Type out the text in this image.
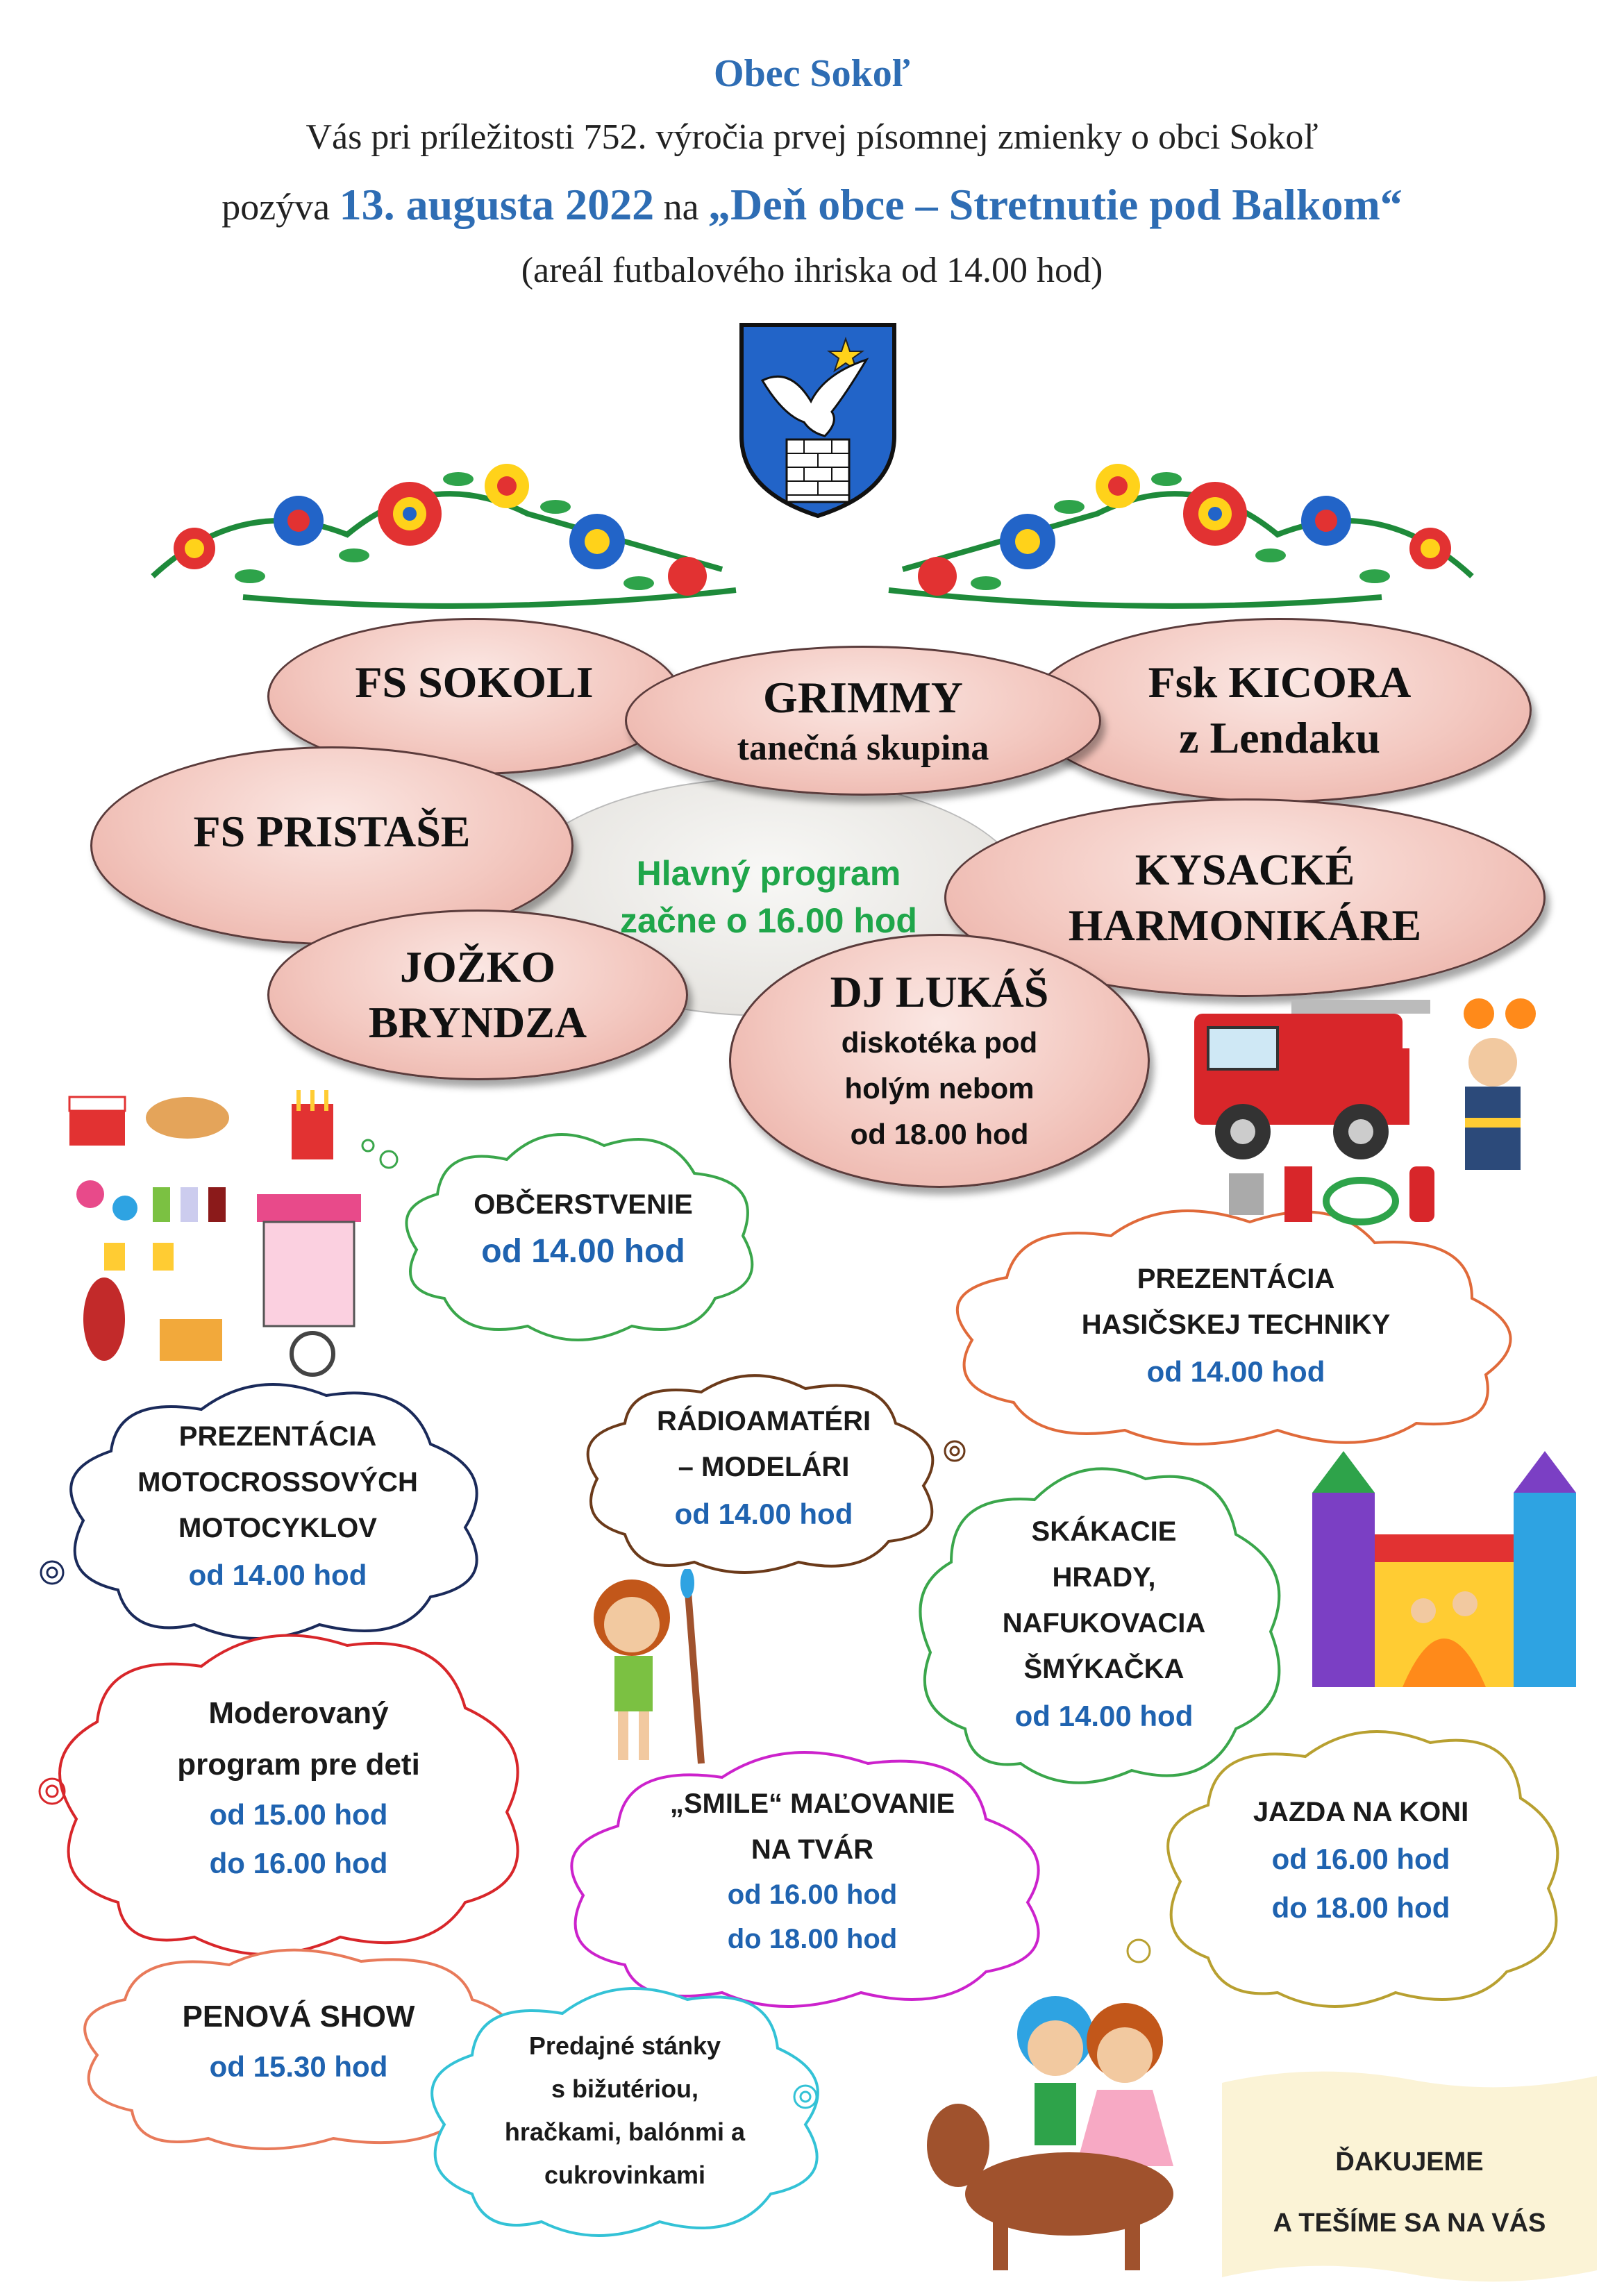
Obec Sokoľ
Vás pri príležitosti 752. výročia prvej písomnej zmienky o obci Sokoľ
pozýva 13. augusta 2022 na „Deň obce – Stretnutie pod Balkom“
(areál futbalového ihriska od 14.00 hod)
Hlavný program
začne o 16.00 hod
FS SOKOLI
FS PRISTAŠE
Fsk KICORA
z Lendaku
GRIMMY
tanečná skupina
KYSACKÉ
HARMONIKÁRE
JOŽKO
BRYNDZA
DJ LUKÁŠ
diskotéka pod
holým nebom
od 18.00 hod
OBČERSTVENIE
od 14.00 hod
PREZENTÁCIA
HASIČSKEJ TECHNIKY
od 14.00 hod
RÁDIOAMATÉRI
– MODELÁRI
od 14.00 hod
PREZENTÁCIA
MOTOCROSSOVÝCH
MOTOCYKLOV
od 14.00 hod
SKÁKACIE
HRADY,
NAFUKOVACIA
ŠMÝKAČKA
od 14.00 hod
Moderovaný
program pre deti
od 15.00 hod
do 16.00 hod
„SMILE“ MAĽOVANIE
NA TVÁR
od 16.00 hod
do 18.00 hod
JAZDA NA KONI
od 16.00 hod
do 18.00 hod
PENOVÁ SHOW
od 15.30 hod
Predajné stánky
s bižutériou,
hračkami, balónmi a
cukrovinkami	ĎAKUJEME
A TEŠÍME SA NA VÁS
